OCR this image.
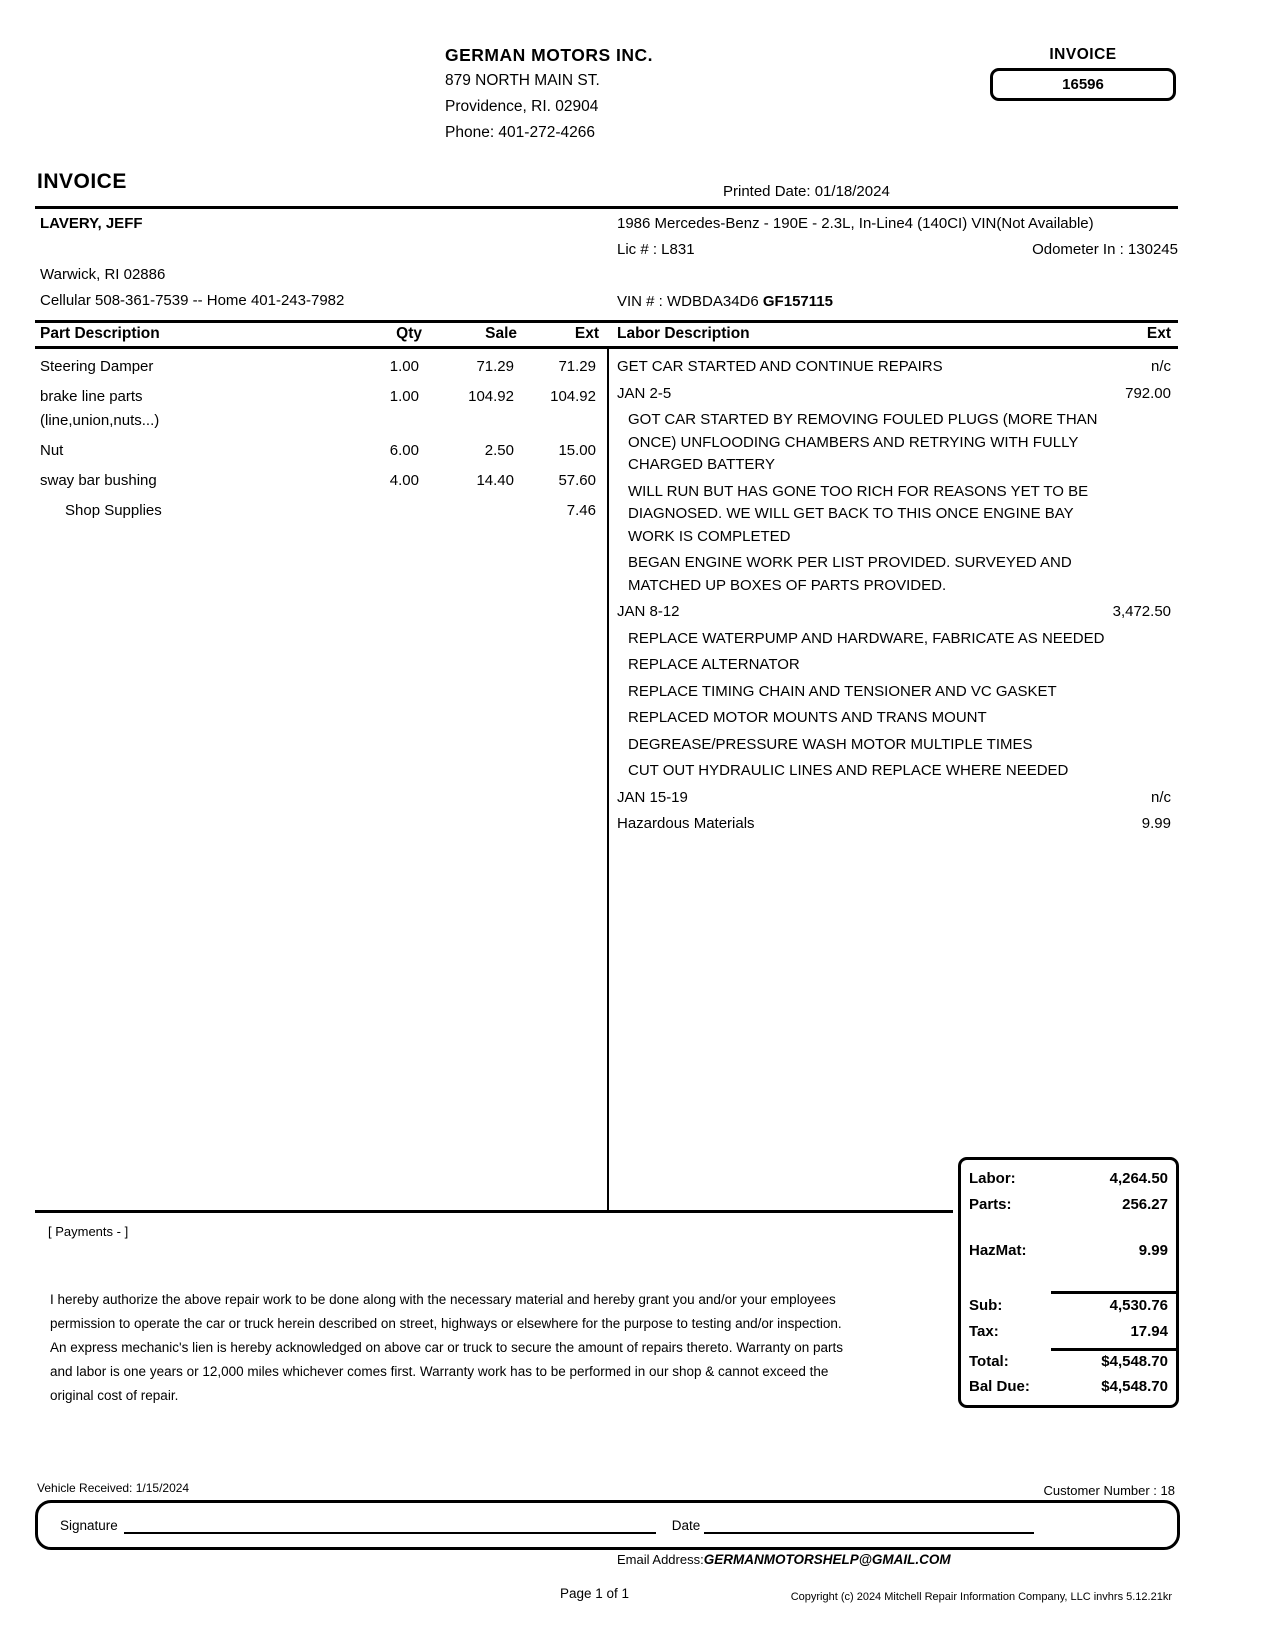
GERMAN MOTORS INC.
879 NORTH MAIN ST.
Providence, RI. 02904
Phone: 401-272-4266
INVOICE
16596
INVOICE	Printed Date: 01/18/2024
LAVERY, JEFF
Warwick, RI 02886
Cellular 508-361-7539 -- Home 401-243-7982
1986 Mercedes-Benz - 190E - 2.3L, In-Line4 (140CI) VIN(Not Available)
Lic # : L831	Odometer In : 130245
VIN # : WDBDA34D6 GF157115
Part Description	Qty	Sale	Ext	Labor Description	Ext
Steering Damper	1.00	71.29	71.29
brake line parts	1.00	104.92	104.92
(line,union,nuts...)
Nut	6.00	2.50	15.00
sway bar bushing	4.00	14.40	57.60
Shop Supplies	7.46
GET CAR STARTED AND CONTINUE REPAIRS	n/c
JAN 2-5	792.00
GOT CAR STARTED BY REMOVING FOULED PLUGS (MORE THAN ONCE) UNFLOODING CHAMBERS AND RETRYING WITH FULLY CHARGED BATTERY
WILL RUN BUT HAS GONE TOO RICH FOR REASONS YET TO BE DIAGNOSED. WE WILL GET BACK TO THIS ONCE ENGINE BAY WORK IS COMPLETED
BEGAN ENGINE WORK PER LIST PROVIDED. SURVEYED AND MATCHED UP BOXES OF PARTS PROVIDED.
JAN 8-12	3,472.50
REPLACE WATERPUMP AND HARDWARE, FABRICATE AS NEEDED
REPLACE ALTERNATOR
REPLACE TIMING CHAIN AND TENSIONER AND VC GASKET
REPLACED MOTOR MOUNTS AND TRANS MOUNT
DEGREASE/PRESSURE WASH MOTOR MULTIPLE TIMES
CUT OUT HYDRAULIC LINES AND REPLACE WHERE NEEDED
JAN 15-19	n/c
Hazardous Materials	9.99
[ Payments - ]
I hereby authorize the above repair work to be done along with the necessary material and hereby grant you and/or your employees permission to operate the car or truck herein described on street, highways or elsewhere for the purpose to testing and/or inspection. An express mechanic's lien is hereby acknowledged on above car or truck to secure the amount of repairs thereto. Warranty on parts and labor is one years or 12,000 miles whichever comes first. Warranty work has to be performed in our shop & cannot exceed the original cost of repair.
Labor:	4,264.50
Parts:	256.27
HazMat:	9.99
Sub:	4,530.76
Tax:	17.94
Total:	$4,548.70
Bal Due:	$4,548.70
Vehicle Received: 1/15/2024	Customer Number : 18
Signature	Date
Email Address:GERMANMOTORSHELP@GMAIL.COM
Page 1 of 1	Copyright (c) 2024 Mitchell Repair Information Company, LLC invhrs 5.12.21kr
